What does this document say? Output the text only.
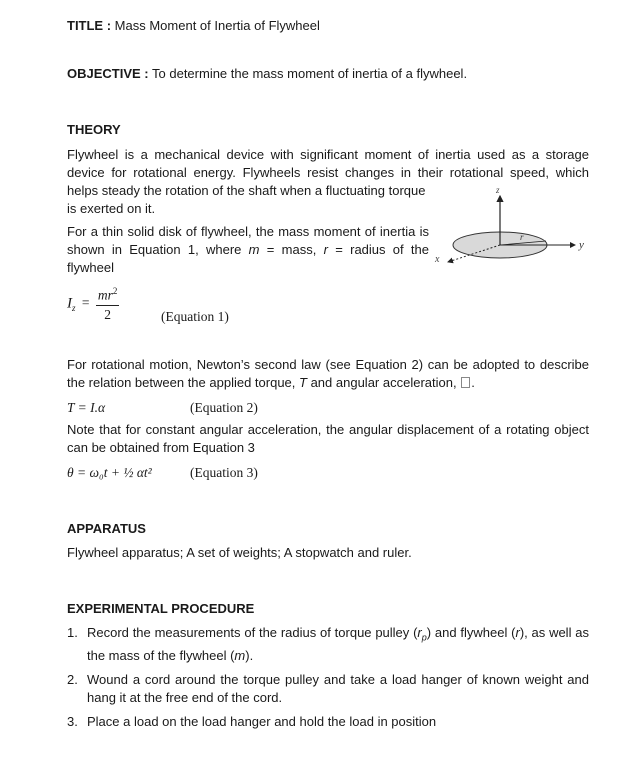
TITLE : Mass Moment of Inertia of Flywheel
OBJECTIVE : To determine the mass moment of inertia of a flywheel.
THEORY
Flywheel is a mechanical device with significant moment of inertia used as a storage device for rotational energy. Flywheels resist changes in their rotational speed, which
helps steady the rotation of the shaft when a fluctuating torque is exerted on it.
For a thin solid disk of flywheel, the mass moment of inertia is shown in Equation 1, where m = mass, r = radius of the flywheel
z
y
x
r
$I_z = \frac{mr^2}{2}$	(Equation 1)
For rotational motion, Newton’s second law (see Equation 2) can be adopted to describe the relation between the applied torque, T and angular acceleration, .
T = I.α	(Equation 2)
Note that for constant angular acceleration, the angular displacement of a rotating object can be obtained from Equation 3
θ = ω₀t + ½ αt²	(Equation 3)
APPARATUS
Flywheel apparatus; A set of weights; A stopwatch and ruler.
EXPERIMENTAL PROCEDURE
1. Record the measurements of the radius of torque pulley $(r_p)$ and flywheel (r), as well as the mass of the flywheel (m).
2. Wound a cord around the torque pulley and take a load hanger of known weight and hang it at the free end of the cord.
3. Place a load on the load hanger and hold the load in position
